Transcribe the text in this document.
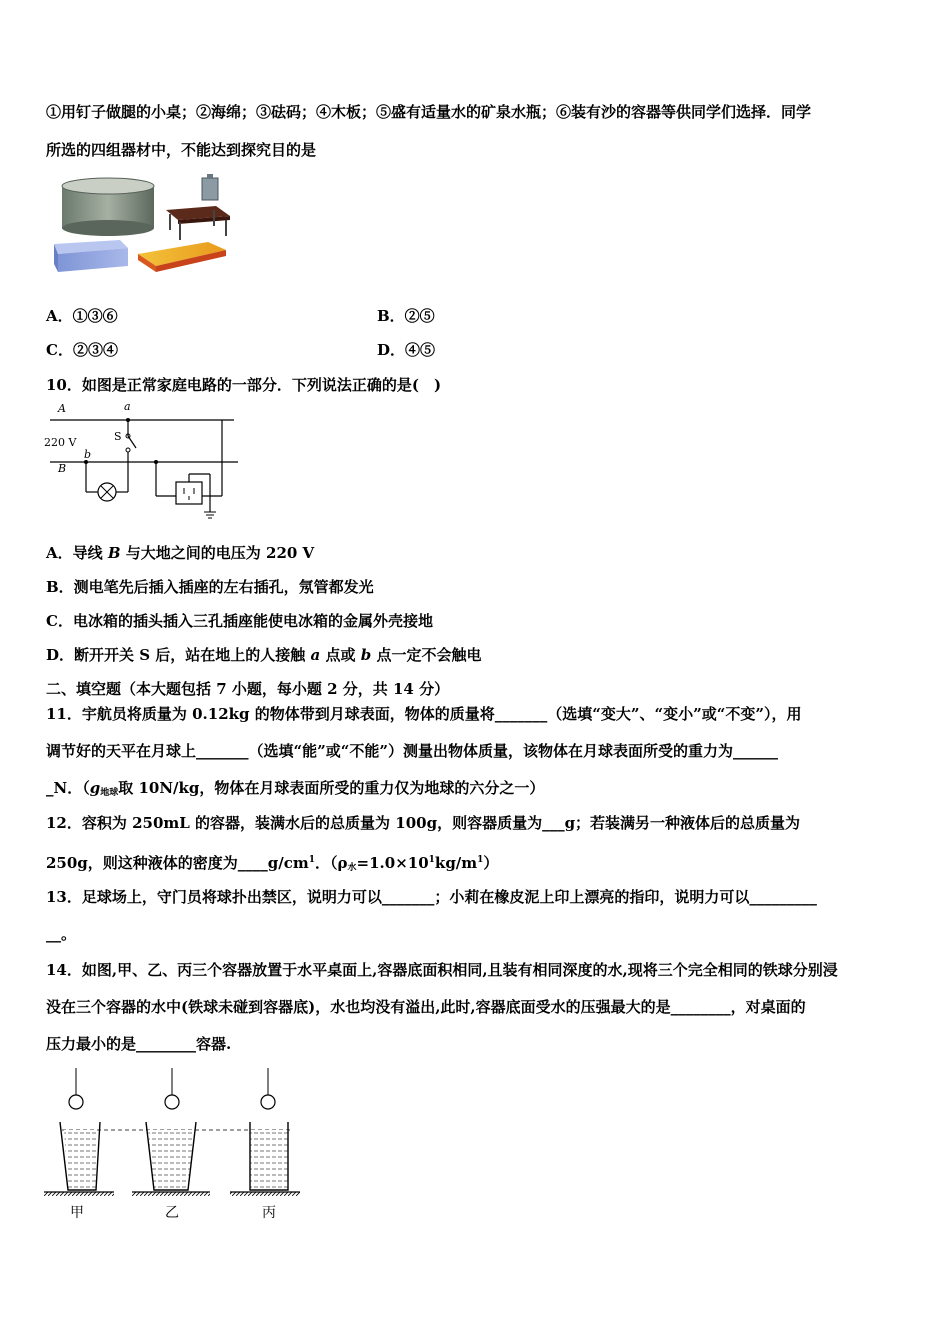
①用钉子做腿的小桌；②海绵；③砝码；④木板；⑤盛有适量水的矿泉水瓶；⑥装有沙的容器等供同学们选择．同学
所选的四组器材中，不能达到探究目的是
A．①③⑥	B．②⑤
C．②③④	D．④⑤
10．如图是正常家庭电路的一部分．下列说法正确的是(　)
A	a
S
220 V
b
B
A．导线 B 与大地之间的电压为 220 V
B．测电笔先后插入插座的左右插孔，氖管都发光
C．电冰箱的插头插入三孔插座能使电冰箱的金属外壳接地
D．断开开关 S 后，站在地上的人接触 a 点或 b 点一定不会触电
二、填空题（本大题包括 7 小题，每小题 2 分，共 14 分）
11．宇航员将质量为 0.12kg 的物体带到月球表面，物体的质量将_______（选填“变大”、“变小”或“不变”），用
调节好的天平在月球上_______（选填“能”或“不能”）测量出物体质量，该物体在月球表面所受的重力为______
_N．（$g_{地球}$取 10N/kg，物体在月球表面所受的重力仅为地球的六分之一）
12．容积为 250mL 的容器，装满水后的总质量为 100g，则容器质量为___g；若装满另一种液体后的总质量为
250g，则这种液体的密度为$\_\_\_\_g/cm^1$．$(\rho_水=1.0\times 10^1kg/m^1)$
13．足球场上，守门员将球扑出禁区，说明力可以_______；小莉在橡皮泥上印上漂亮的指印，说明力可以_________
__。
14．如图,甲、乙、丙三个容器放置于水平桌面上,容器底面积相同,且装有相同深度的水,现将三个完全相同的铁球分别浸
没在三个容器的水中(铁球未碰到容器底)，水也均没有溢出,此时,容器底面受水的压强最大的是________，对桌面的
压力最小的是________容器.
甲	乙	丙
